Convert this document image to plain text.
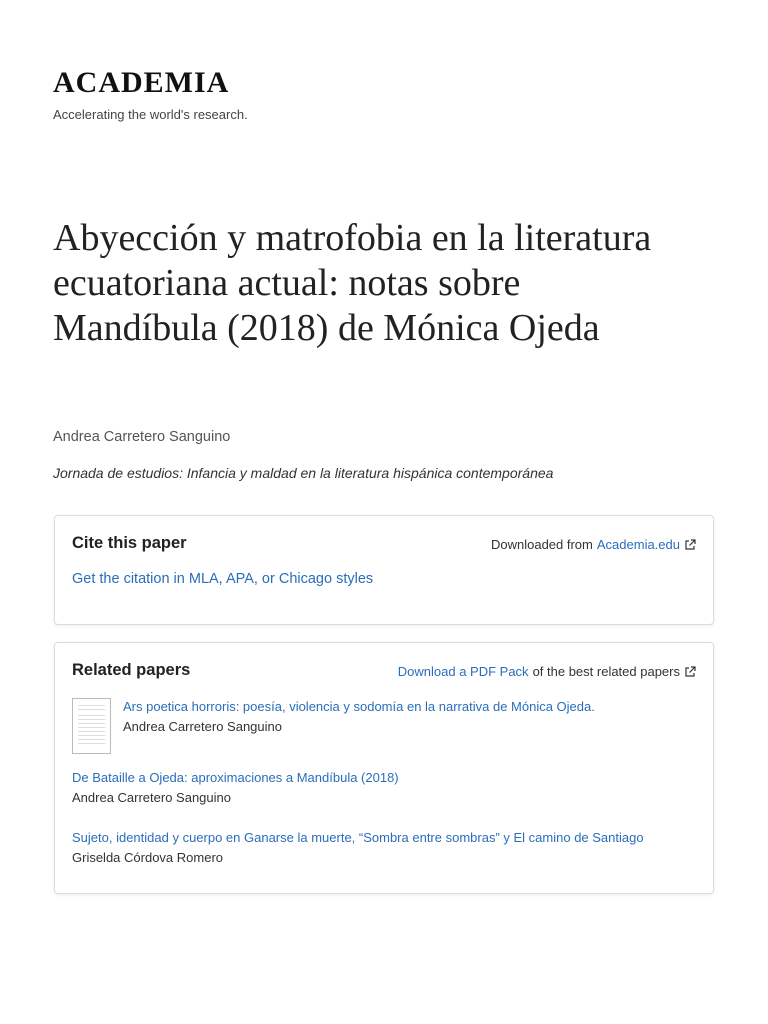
ACADEMIA
Accelerating the world's research.
Abyección y matrofobia en la literatura ecuatoriana actual: notas sobre Mandíbula (2018) de Mónica Ojeda
Andrea Carretero Sanguino
Jornada de estudios: Infancia y maldad en la literatura hispánica contemporánea
Cite this paper	Downloaded from Academia.edu
Get the citation in MLA, APA, or Chicago styles
Related papers	Download a PDF Pack of the best related papers
Ars poetica horroris: poesía, violencia y sodomía en la narrativa de Mónica Ojeda.
Andrea Carretero Sanguino
De Bataille a Ojeda: aproximaciones a Mandíbula (2018)
Andrea Carretero Sanguino
Sujeto, identidad y cuerpo en Ganarse la muerte, “Sombra entre sombras” y El camino de Santiago
Griselda Córdova Romero
